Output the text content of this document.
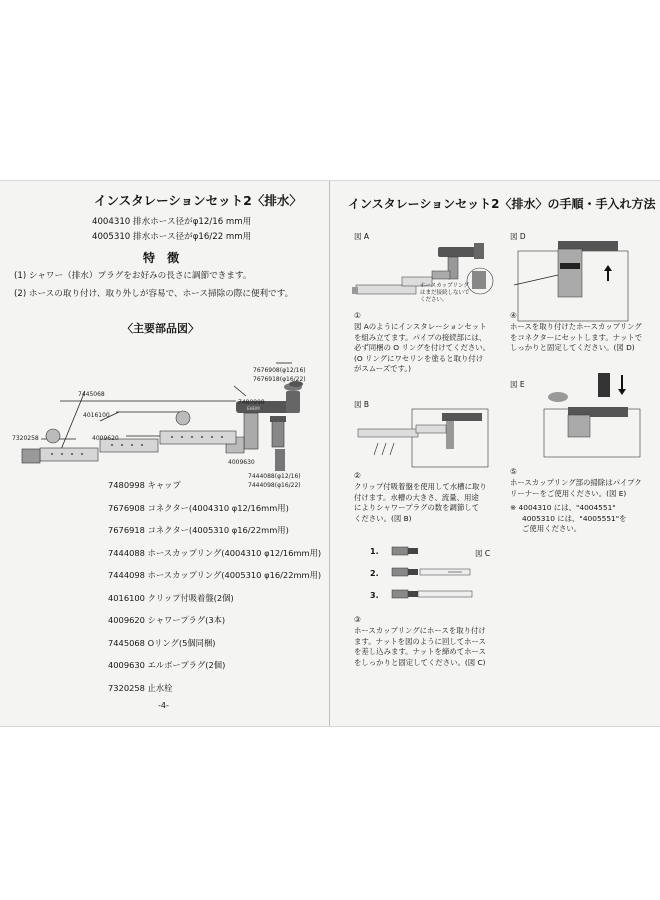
インスタレーションセット2〈排水〉
4004310 排水ホース径がφ12/16 mm用
4005310 排水ホース径がφ16/22 mm用
特 徴
(1) シャワー（排水）プラグをお好みの長さに調節できます。
(2) ホースの取り付け、取り外しが容易で、ホース掃除の際に便利です。
〈主要部品図〉
EHEIM
7676908(φ12/16)
7676918(φ16/22)
7480998
7445068
4016100
7320258	4009620
4009630
7444088(φ12/16)
7444098(φ16/22)
7480998 キャップ
7676908 コネクター(4004310 φ12/16mm用)
7676918 コネクター(4005310 φ16/22mm用)
7444088 ホースカップリング(4004310 φ12/16mm用)
7444098 ホースカップリング(4005310 φ16/22mm用)
4016100 クリップ付吸着盤(2個)
4009620 シャワープラグ(3本)
7445068 Oリング(5個同梱)
4009630 エルボープラグ(2個)
7320258 止水栓
-4-
インスタレーションセット2〈排水〉の手順・手入れ方法
図 A
ホースカップリング
はまだ接続しないで
ください。
①
図 Aのようにインスタレーションセット
を組み立てます。パイプの接続部には、
必ず同梱の O リングを付けてください。
(O リングにワセリンを塗ると取り付け
がスムーズです。)
図 B
②
クリップ付吸着盤を使用して水槽に取り
付けます。水槽の大きさ、流量、用途
によりシャワープラグの数を調節して
ください。(図 B)
1.
2.
3.
図 C
③
ホースカップリングにホースを取り付け
ます。ナットを図のように回してホース
を差し込みます。ナットを締めてホース
をしっかりと固定してください。(図 C)
図 D
④
ホースを取り付けたホースカップリング
をコネクターにセットします。ナットで
しっかりと固定してください。(図 D)
図 E
⑤
ホースカップリング部の掃除はパイプク
リーナーをご使用ください。(図 E)
※ 4004310 には、"4004551"
4005310 には、"4005551"を
ご使用ください。
